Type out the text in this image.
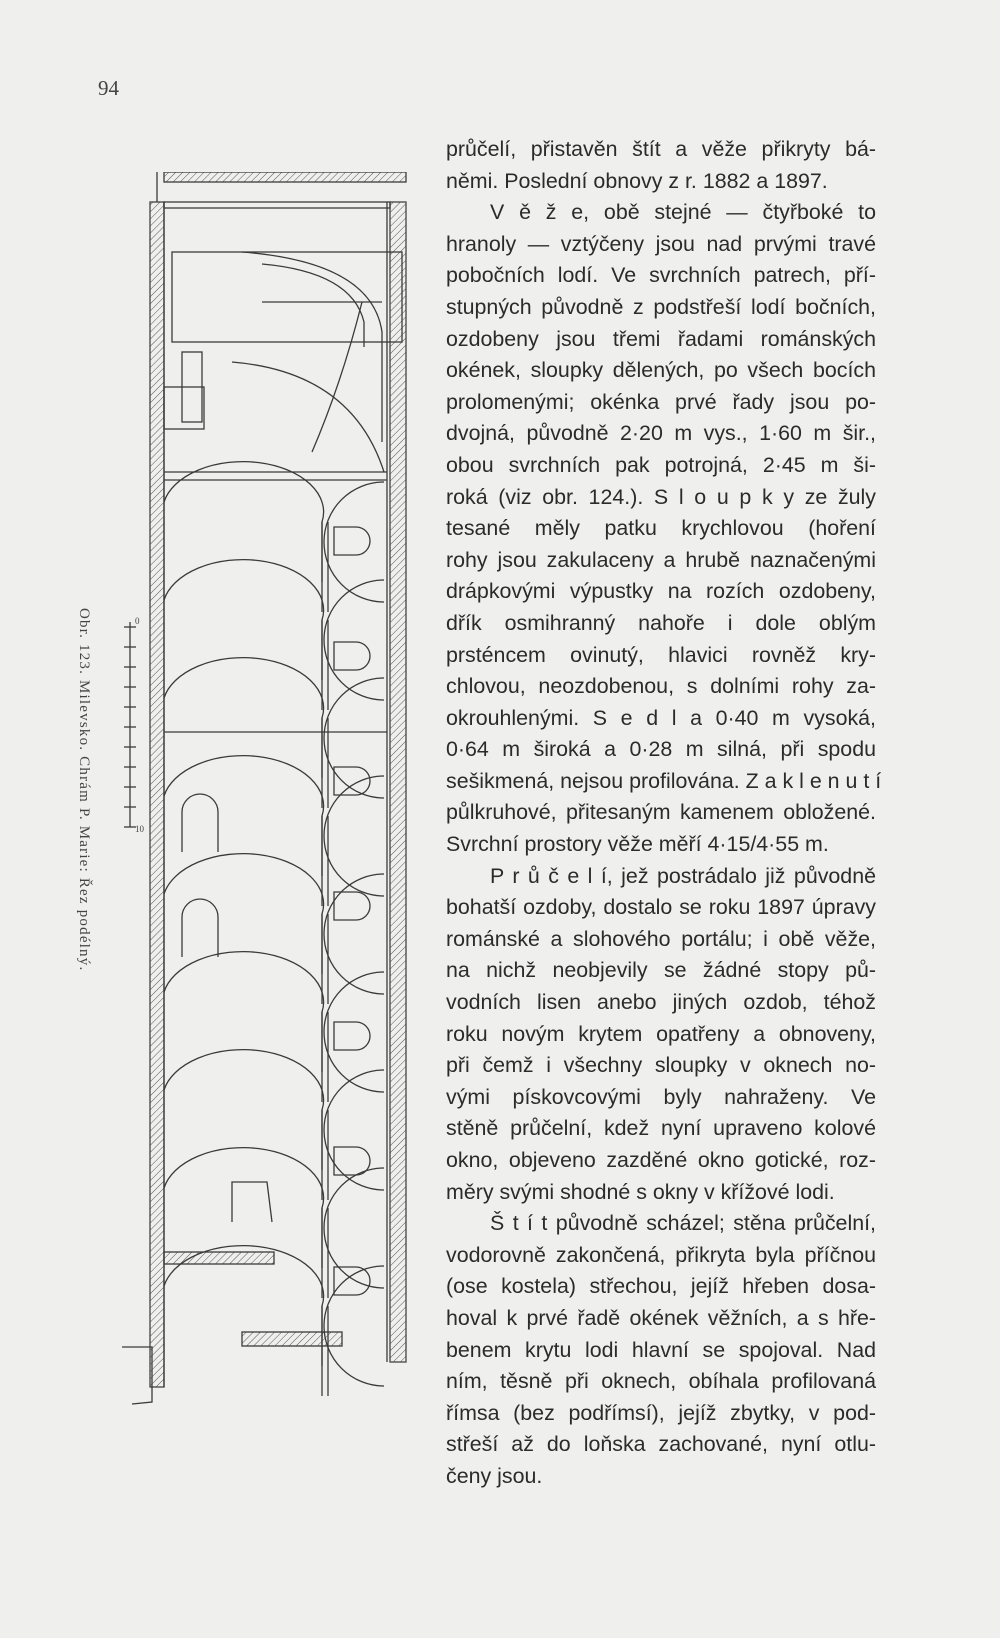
94
0
10
Obr. 123. Milevsko. Chrám P. Marie: Řez podélný.
průčelí, přistavěn štít a věže přikryty bá-
němi. Poslední obnovy z r. 1882 a 1897.
V ě ž e, obě stejné — čtyřboké to
hranoly — vztýčeny jsou nad prvými travé
pobočních lodí. Ve svrchních patrech, pří-
stupných původně z podstřeší lodí bočních,
ozdobeny jsou třemi řadami románských
okének, sloupky dělených, po všech bocích
prolomenými; okénka prvé řady jsou po-
dvojná, původně 2·20 m vys., 1·60 m šir.,
obou svrchních pak potrojná, 2·45 m ši-
roká (viz obr. 124.). S l o u p k y ze žuly
tesané měly patku krychlovou (hoření
rohy jsou zakulaceny a hrubě naznačenými
drápkovými výpustky na rozích ozdobeny,
dřík osmihranný nahoře i dole oblým
prsténcem ovinutý, hlavici rovněž kry-
chlovou, neozdobenou, s dolními rohy za-
okrouhlenými. S e d l a 0·40 m vysoká,
0·64 m široká a 0·28 m silná, při spodu
sešikmená, nejsou profilována. Z a k l e n u t í
půlkruhové, přitesaným kamenem obložené.
Svrchní prostory věže měří 4·15/4·55 m.
P r ů č e l í, jež postrádalo již původně
bohatší ozdoby, dostalo se roku 1897 úpravy
románské a slohového portálu; i obě věže,
na nichž neobjevily se žádné stopy pů-
vodních lisen anebo jiných ozdob, téhož
roku novým krytem opatřeny a obnoveny,
při čemž i všechny sloupky v oknech no-
vými pískovcovými byly nahraženy. Ve
stěně průčelní, kdež nyní upraveno kolové
okno, objeveno zazděné okno gotické, roz-
měry svými shodné s okny v křížové lodi.
Š t í t původně scházel; stěna průčelní,
vodorovně zakončená, přikryta byla příčnou
(ose kostela) střechou, jejíž hřeben dosa-
hoval k prvé řadě okének věžních, a s hře-
benem krytu lodi hlavní se spojoval. Nad
ním, těsně při oknech, obíhala profilovaná
římsa (bez podřímsí), jejíž zbytky, v pod-
střeší až do loňska zachované, nyní otlu-
čeny jsou.
